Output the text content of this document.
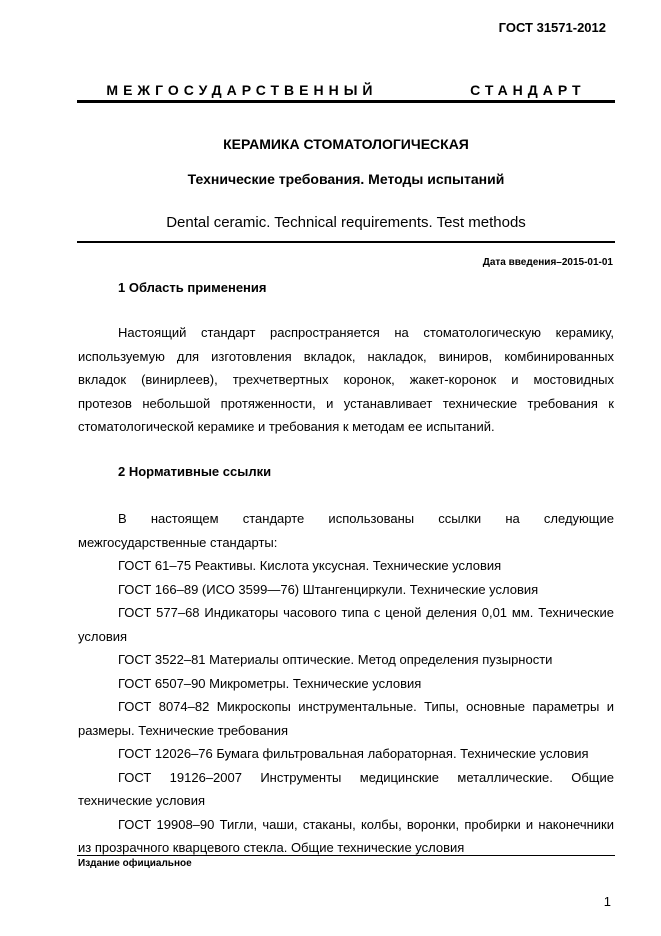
ГОСТ 31571-2012
МЕЖГОСУДАРСТВЕННЫЙ   СТАНДАРТ
КЕРАМИКА СТОМАТОЛОГИЧЕСКАЯ
Технические требования. Методы испытаний
Dental ceramic. Technical requirements. Test methods
Дата введения–2015-01-01
1 Область применения
Настоящий стандарт распространяется на стоматологическую керамику,
используемую для изготовления вкладок, накладок, виниров, комбинированных
вкладок (винирлеев), трехчетвертных коронок, жакет-коронок и мостовидных
протезов небольшой протяженности, и устанавливает технические требования к
стоматологической керамике и требования к методам ее испытаний.
2 Нормативные ссылки
В настоящем стандарте использованы ссылки на следующие
межгосударственные стандарты:
ГОСТ 61–75 Реактивы. Кислота уксусная. Технические условия
ГОСТ 166–89 (ИСО 3599—76) Штангенциркули. Технические условия
ГОСТ 577–68 Индикаторы часового типа с ценой деления 0,01 мм. Технические
условия
ГОСТ 3522–81 Материалы оптические. Метод определения пузырности
ГОСТ 6507–90 Микрометры. Технические условия
ГОСТ 8074–82 Микроскопы инструментальные. Типы, основные параметры и
размеры. Технические требования
ГОСТ 12026–76 Бумага фильтровальная лабораторная. Технические условия
ГОСТ 19126–2007 Инструменты медицинские металлические. Общие
технические условия
ГОСТ 19908–90 Тигли, чаши, стаканы, колбы, воронки, пробирки и наконечники
из прозрачного кварцевого стекла. Общие технические условия
Издание официальное
1
